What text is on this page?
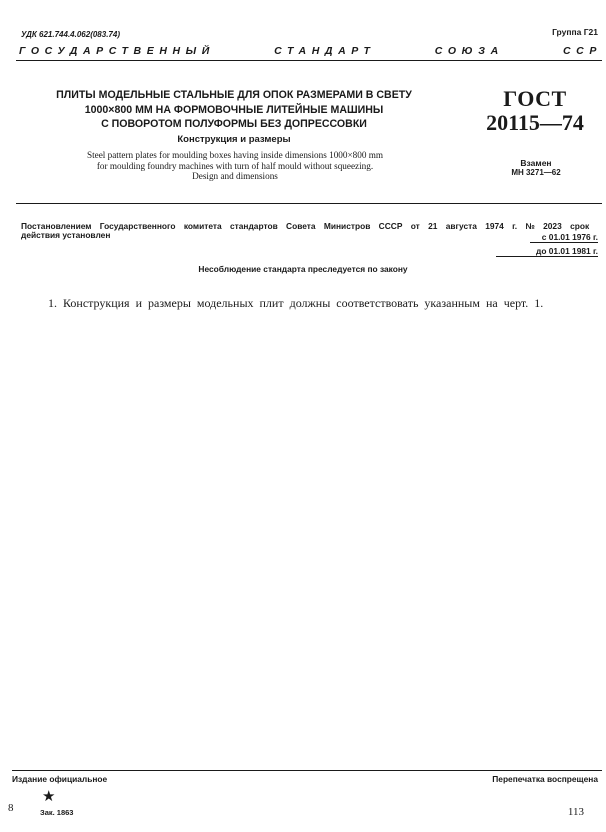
УДК 621.744.4.062(083.74)	Группа Г21
ГОСУДАРСТВЕННЫЙ	СТАНДАРТ	СОЮЗА	ССР
ПЛИТЫ МОДЕЛЬНЫЕ СТАЛЬНЫЕ ДЛЯ ОПОК РАЗМЕРАМИ В СВЕТУ
1000×800 ММ НА ФОРМОВОЧНЫЕ ЛИТЕЙНЫЕ МАШИНЫ
С ПОВОРОТОМ ПОЛУФОРМЫ БЕЗ ДОПРЕССОВКИ
Конструкция и размеры
Steel pattern plates for moulding boxes having inside dimensions 1000×800 mm
for moulding foundry machines with turn of half mould without squeezing.
Design and dimensions
ГОСТ
20115—74
Взамен
МН 3271—62
Постановлением Государственного комитета стандартов Совета Министров СССР от 21 августа 1974 г. № 2023 срок
действия установлен	с 01.01 1976 г.
до 01.01 1981 г.
Несоблюдение стандарта преследуется по закону
1. Конструкция и размеры модельных плит должны соответствовать указанным на черт. 1.
Издание официальное	Перепечатка воспрещена
★
8	Зак. 1863	113
